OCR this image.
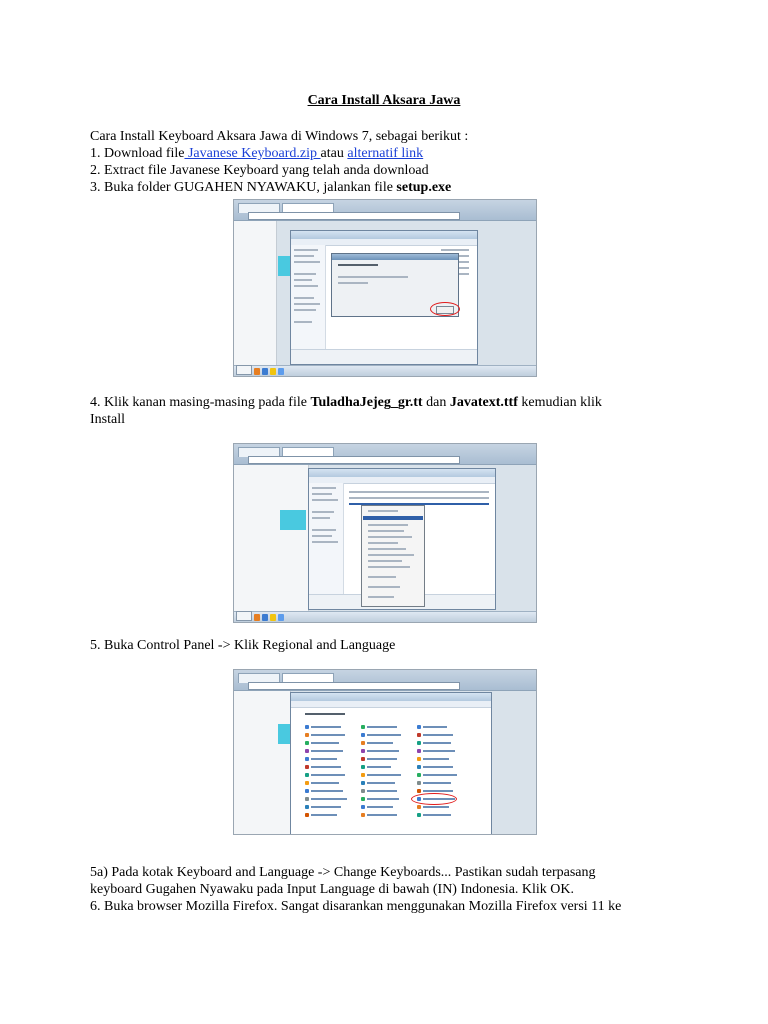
Cara Install Aksara Jawa
Cara Install Keyboard Aksara Jawa di Windows 7, sebagai berikut :
1. Download file Javanese Keyboard.zip atau alternatif link
2. Extract file Javanese Keyboard yang telah anda download
3. Buka folder GUGAHEN NYAWAKU, jalankan file setup.exe
4. Klik kanan masing-masing pada file TuladhaJejeg_gr.tt dan Javatext.ttf kemudian klik
Install
5. Buka Control Panel -> Klik Regional and Language
5a) Pada kotak Keyboard and Language -> Change Keyboards... Pastikan sudah terpasang
keyboard Gugahen Nyawaku pada Input Language di bawah (IN) Indonesia. Klik OK.
6. Buka browser Mozilla Firefox. Sangat disarankan menggunakan Mozilla Firefox versi 11 ke
